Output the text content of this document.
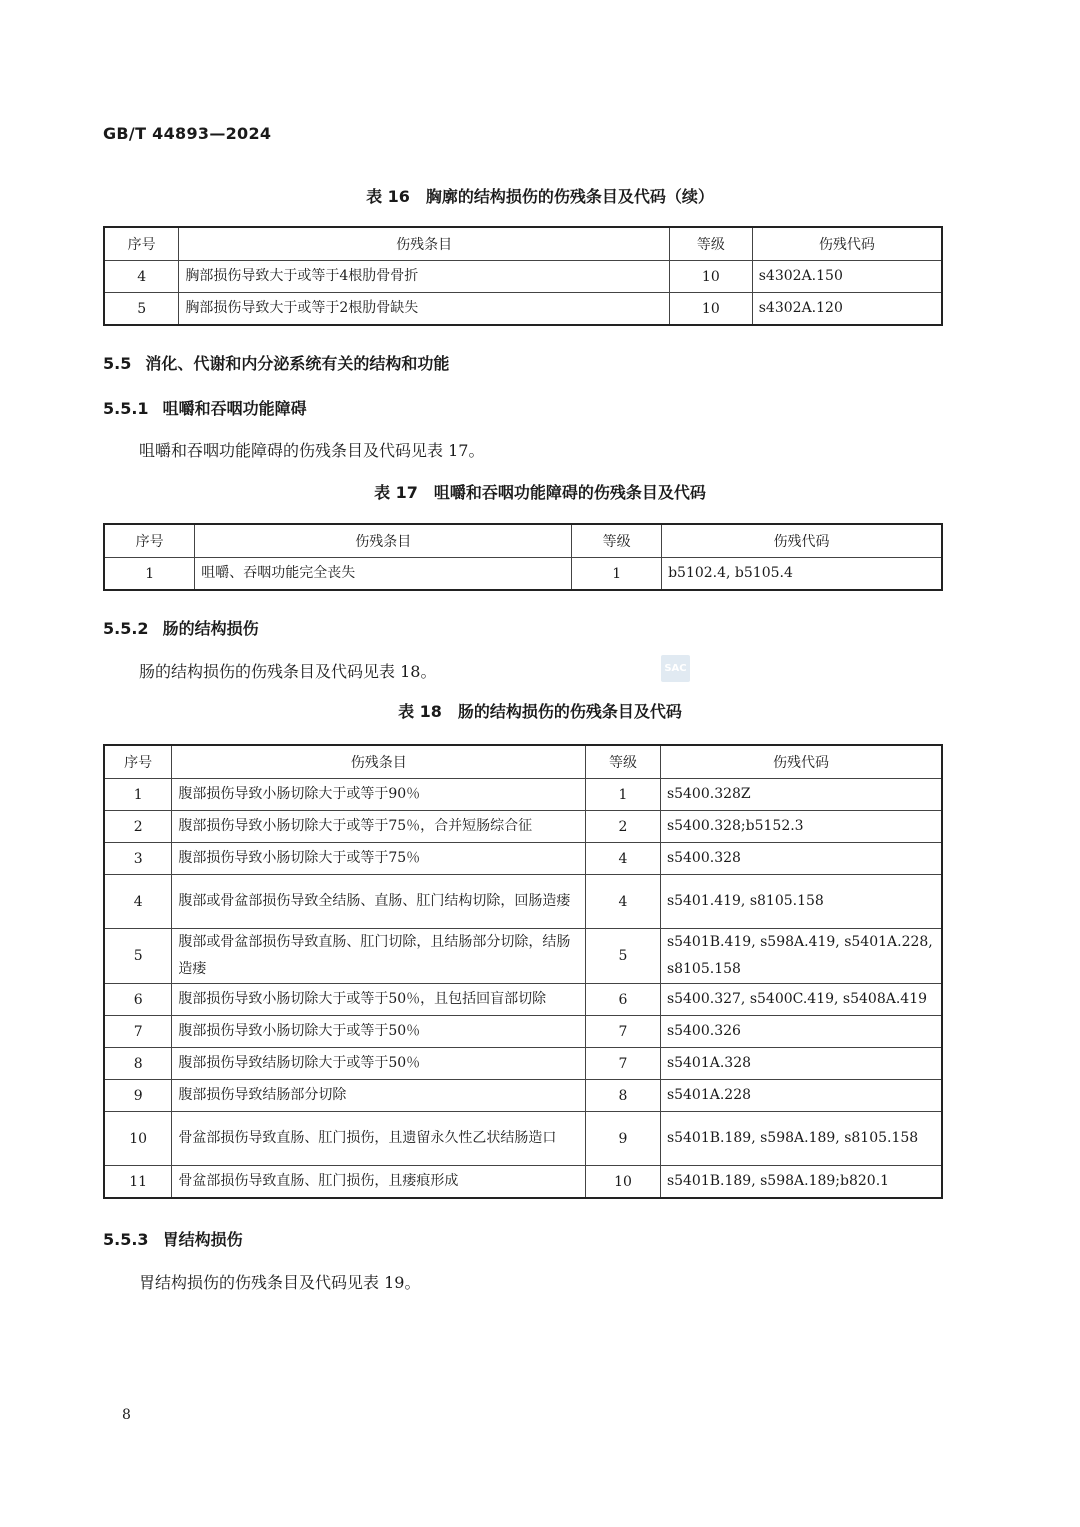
GB/T 44893—2024
表 16　胸廓的结构损伤的伤残条目及代码（续）
序号	伤残条目	等级	伤残代码
4	胸部损伤导致大于或等于4根肋骨骨折	10	s4302A.150
5	胸部损伤导致大于或等于2根肋骨缺失	10	s4302A.120
5.5 消化、代谢和内分泌系统有关的结构和功能
5.5.1 咀嚼和吞咽功能障碍
咀嚼和吞咽功能障碍的伤残条目及代码见表 17。
表 17　咀嚼和吞咽功能障碍的伤残条目及代码
序号	伤残条目	等级	伤残代码
1	咀嚼、吞咽功能完全丧失	1	b5102.4, b5105.4
5.5.2 肠的结构损伤
肠的结构损伤的伤残条目及代码见表 18。	SAC
表 18　肠的结构损伤的伤残条目及代码
序号	伤残条目	等级	伤残代码
1	腹部损伤导致小肠切除大于或等于90％	1	s5400.328Z
2	腹部损伤导致小肠切除大于或等于75％，合并短肠综合征	2	s5400.328;b5152.3
3	腹部损伤导致小肠切除大于或等于75％	4	s5400.328
4	腹部或骨盆部损伤导致全结肠、直肠、肛门结构切除，回肠造瘘	4	s5401.419, s8105.158
5	腹部或骨盆部损伤导致直肠、肛门切除，且结肠部分切除，结肠造瘘	5	s5401B.419, s598A.419, s5401A.228, s8105.158
6	腹部损伤导致小肠切除大于或等于50％，且包括回盲部切除	6	s5400.327, s5400C.419, s5408A.419
7	腹部损伤导致小肠切除大于或等于50％	7	s5400.326
8	腹部损伤导致结肠切除大于或等于50％	7	s5401A.328
9	腹部损伤导致结肠部分切除	8	s5401A.228
10	骨盆部损伤导致直肠、肛门损伤，且遗留永久性乙状结肠造口	9	s5401B.189, s598A.189, s8105.158
11	骨盆部损伤导致直肠、肛门损伤，且瘘痕形成	10	s5401B.189, s598A.189;b820.1
5.5.3 胃结构损伤
胃结构损伤的伤残条目及代码见表 19。
8
